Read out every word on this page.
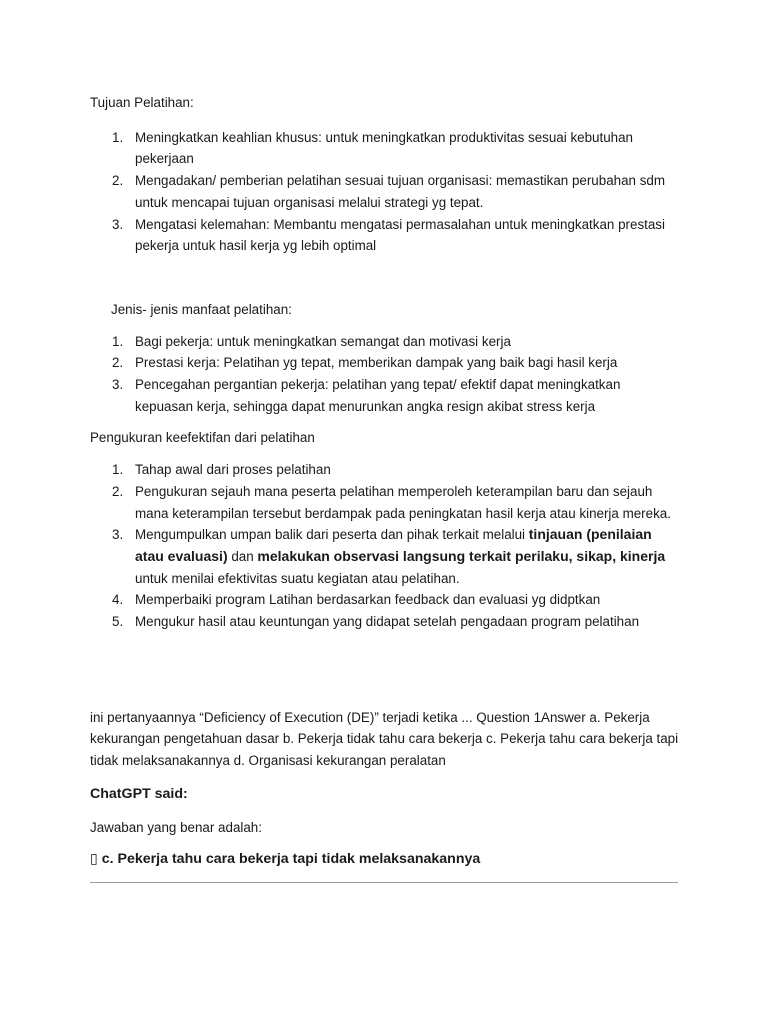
Tujuan Pelatihan:

1. Meningkatkan keahlian khusus: untuk meningkatkan produktivitas sesuai kebutuhan pekerjaan
2. Mengadakan/ pemberian pelatihan sesuai tujuan organisasi: memastikan perubahan sdm untuk mencapai tujuan organisasi melalui strategi yg tepat.
3. Mengatasi kelemahan: Membantu mengatasi permasalahan untuk meningkatkan prestasi pekerja untuk hasil kerja yg lebih optimal

Jenis- jenis manfaat pelatihan:

1. Bagi pekerja: untuk meningkatkan semangat dan motivasi kerja
2. Prestasi kerja: Pelatihan yg tepat, memberikan dampak yang baik bagi hasil kerja
3. Pencegahan pergantian pekerja: pelatihan yang tepat/ efektif dapat meningkatkan kepuasan kerja, sehingga dapat menurunkan angka resign akibat stress kerja

Pengukuran keefektifan dari pelatihan

1. Tahap awal dari proses pelatihan
2. Pengukuran sejauh mana peserta pelatihan memperoleh keterampilan baru dan sejauh mana keterampilan tersebut berdampak pada peningkatan hasil kerja atau kinerja mereka.
3. Mengumpulkan umpan balik dari peserta dan pihak terkait melalui tinjauan (penilaian atau evaluasi) dan melakukan observasi langsung terkait perilaku, sikap, kinerja untuk menilai efektivitas suatu kegiatan atau pelatihan.
4. Memperbaiki program Latihan berdasarkan feedback dan evaluasi yg didptkan
5. Mengukur hasil atau keuntungan yang didapat setelah pengadaan program pelatihan

ini pertanyaannya “Deficiency of Execution (DE)” terjadi ketika ... Question 1Answer a. Pekerja kekurangan pengetahuan dasar b. Pekerja tidak tahu cara bekerja c. Pekerja tahu cara bekerja tapi tidak melaksanakannya d. Organisasi kekurangan peralatan

ChatGPT said:

Jawaban yang benar adalah:

▯ c. Pekerja tahu cara bekerja tapi tidak melaksanakannya
